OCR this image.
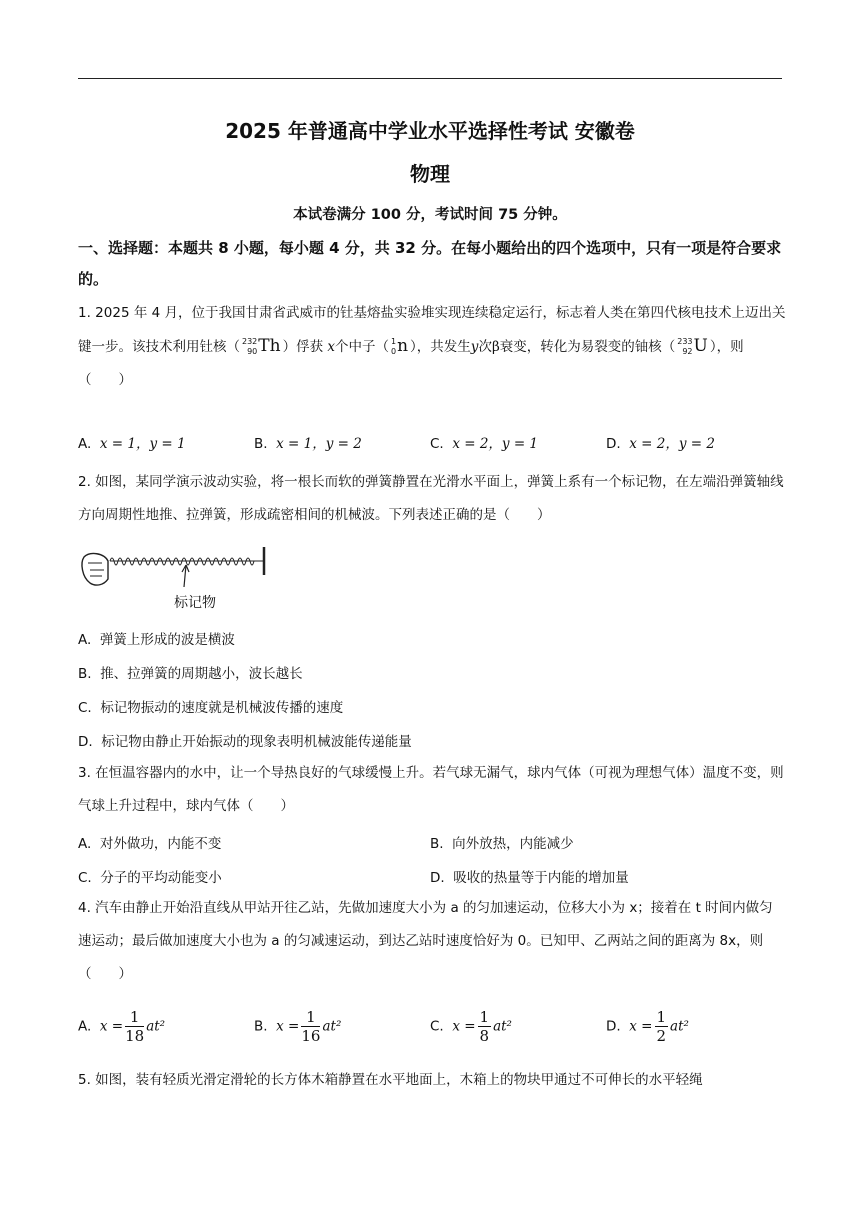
2025 年普通高中学业水平选择性考试 安徽卷
物理
本试卷满分 100 分，考试时间 75 分钟。
一、选择题：本题共 8 小题，每小题 4 分，共 32 分。在每小题给出的四个选项中，只有一项是符合要求的。
1. 2025 年 4 月，位于我国甘肃省武威市的钍基熔盐实验堆实现连续稳定运行，标志着人类在第四代核电技术上迈出关键一步。该技术利用钍核（ 232
90Th ）俘获 x个中子（ 1
0n ），共发生y次β衰变，转化为易裂变的铀核（ 233
92U ），则（　　）
A. x = 1，y = 1	B. x = 1，y = 2	C. x = 2，y = 1	D. x = 2，y = 2
2. 如图，某同学演示波动实验，将一根长而软的弹簧静置在光滑水平面上，弹簧上系有一个标记物，在左端沿弹簧轴线方向周期性地推、拉弹簧，形成疏密相间的机械波。下列表述正确的是（　　）
标记物
A. 弹簧上形成的波是横波
B. 推、拉弹簧的周期越小，波长越长
C. 标记物振动的速度就是机械波传播的速度
D. 标记物由静止开始振动的现象表明机械波能传递能量
3. 在恒温容器内的水中，让一个导热良好的气球缓慢上升。若气球无漏气，球内气体（可视为理想气体）温度不变，则气球上升过程中，球内气体（　　）
A. 对外做功，内能不变	B. 向外放热，内能减少
C. 分子的平均动能变小	D. 吸收的热量等于内能的增加量
4. 汽车由静止开始沿直线从甲站开往乙站，先做加速度大小为 a 的匀加速运动，位移大小为 x；接着在 t 时间内做匀速运动；最后做加速度大小也为 a 的匀减速运动，到达乙站时速度恰好为 0。已知甲、乙两站之间的距离为 8x，则（　　）
A. $x = \frac{1}{18} at^2$	B. $x = \frac{1}{16} at^2$	C. $x = \frac{1}{8} at^2$	D. $x = \frac{1}{2} at^2$
5. 如图，装有轻质光滑定滑轮的长方体木箱静置在水平地面上，木箱上的物块甲通过不可伸长的水平轻绳
